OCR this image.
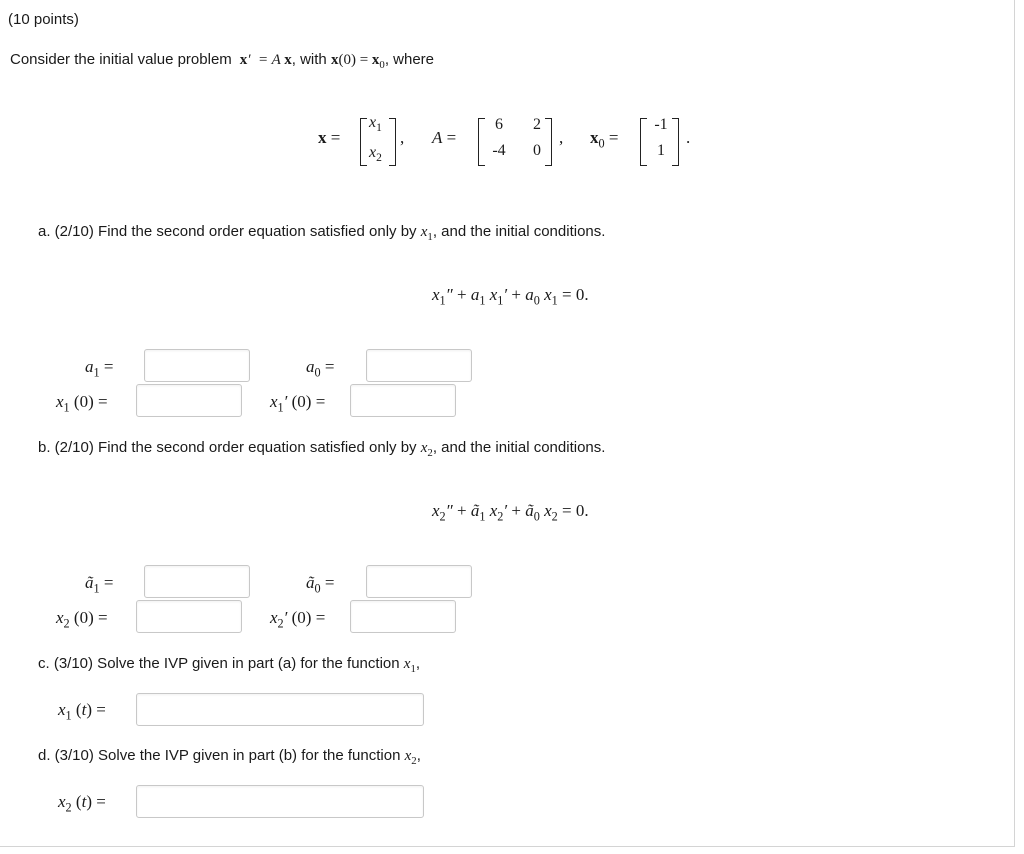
(10 points)
Consider the initial value problem x′  = A x, with $x(0) = x_0$, where
x =
$x_1$
$x_2$
, A =
6	2
-4	0
, $x_0$ =
-1
1
.
a. (2/10) Find the second order equation satisfied only by $x_1$, and the initial conditions.
$x_1'' + a_1$ $x_1' + a_0$ $x_1 = 0$.
$a_1$ =	$a_0$ =
$x_1$ (0) =	$x_1'$ (0) =
b. (2/10) Find the second order equation satisfied only by $x_2$, and the initial conditions.
$x_2''$ + $ã_1$ $x_2'$ + $ã_0$ $x_2 = 0$.
$ã_1$ =	$ã_0$ =
$x_2$ (0) =	$x_2'$ (0) =
c. (3/10) Solve the IVP given in part (a) for the function $x_1$,
$x_1$ (t) =
d. (3/10) Solve the IVP given in part (b) for the function $x_2$,
$x_2$ (t) =
